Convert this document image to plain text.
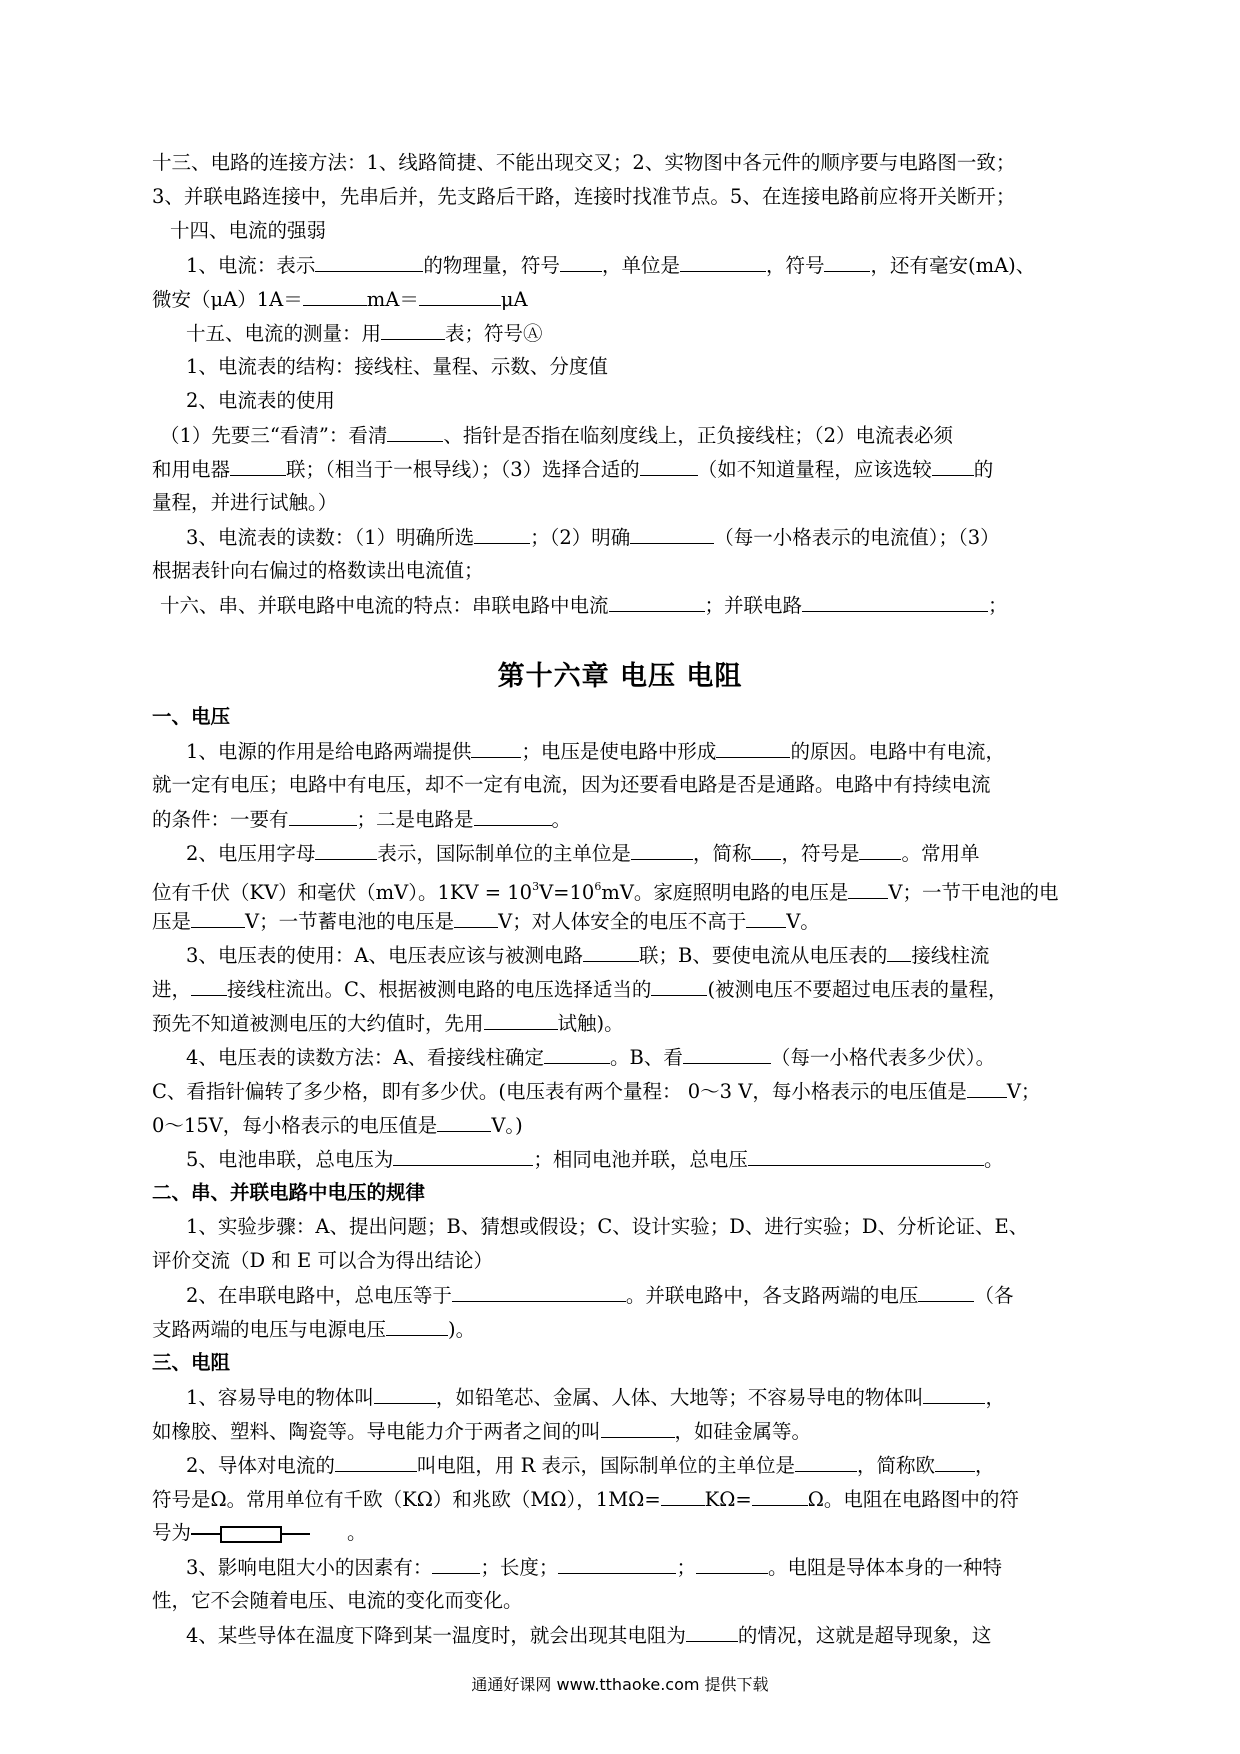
十三、电路的连接方法：1、线路简捷、不能出现交叉；2、实物图中各元件的顺序要与电路图一致；
3、并联电路连接中，先串后并，先支路后干路，连接时找准节点。5、在连接电路前应将开关断开；
十四、电流的强弱
1、电流：表示	的物理量，符号 ，单位是	，符号 ，还有毫安(mA)、
微安（μA）1A＝	mA＝	μA
十五、电流的测量：用	表；符号Ⓐ
1、电流表的结构：接线柱、量程、示数、分度值
2、电流表的使用
（1）先要三“看清”：看清	、指针是否指在临刻度线上，正负接线柱；（2）电流表必须
和用电器	联；（相当于一根导线）；（3）选择合适的	（如不知道量程，应该选较 的
量程，并进行试触。）
3、电流表的读数：（1）明确所选	；（2）明确	（每一小格表示的电流值）；（3）
根据表针向右偏过的格数读出电流值；
十六、串、并联电路中电流的特点：串联电路中电流	；并联电路	；
第十六章 电压 电阻
一、电压
1、电源的作用是给电路两端提供	；电压是使电路中形成	的原因。电路中有电流，
就一定有电压；电路中有电压，却不一定有电流，因为还要看电路是否是通路。电路中有持续电流
的条件：一要有	；二是电路是	。
2、电压用字母	表示，国际制单位的主单位是	，简称 ，符号是 。常用单
位有千伏（KV）和毫伏（mV）。$1KV = 10^3V=10^6mV$。家庭照明电路的电压是 V；一节干电池的电
压是	V；一节蓄电池的电压是 V；对人体安全的电压不高于 V。
3、电压表的使用：A、电压表应该与被测电路	联；B、要使电流从电压表的 接线柱流
进， 接线柱流出。C、根据被测电路的电压选择适当的	(被测电压不要超过电压表的量程，
预先不知道被测电压的大约值时，先用	试触)。
4、电压表的读数方法：A、看接线柱确定	。B、看	（每一小格代表多少伏）。
C、看指针偏转了多少格，即有多少伏。(电压表有两个量程： 0～3 V，每小格表示的电压值是 V；
0～15V，每小格表示的电压值是	V。)
5、电池串联，总电压为	；相同电池并联，总电压	。
二、串、并联电路中电压的规律
1、实验步骤：A、提出问题；B、猜想或假设；C、设计实验；D、进行实验；D、分析论证、E、
评价交流（D 和 E 可以合为得出结论）
2、在串联电路中，总电压等于	。并联电路中，各支路两端的电压	（各
支路两端的电压与电源电压	)。
三、电阻
1、容易导电的物体叫	，如铅笔芯、金属、人体、大地等；不容易导电的物体叫	，
如橡胶、塑料、陶瓷等。导电能力介于两者之间的叫	，如硅金属等。
2、导体对电流的	叫电阻，用 R 表示，国际制单位的主单位是	，简称欧 ，
符号是Ω。常用单位有千欧（KΩ）和兆欧（MΩ），1MΩ= KΩ=	Ω。电阻在电路图中的符
号为	。
3、影响电阻大小的因素有： ；长度；	；	。电阻是导体本身的一种特
性，它不会随着电压、电流的变化而变化。
4、某些导体在温度下降到某一温度时，就会出现其电阻为	的情况，这就是超导现象，这
通通好课网 www.tthaoke.com 提供下载
